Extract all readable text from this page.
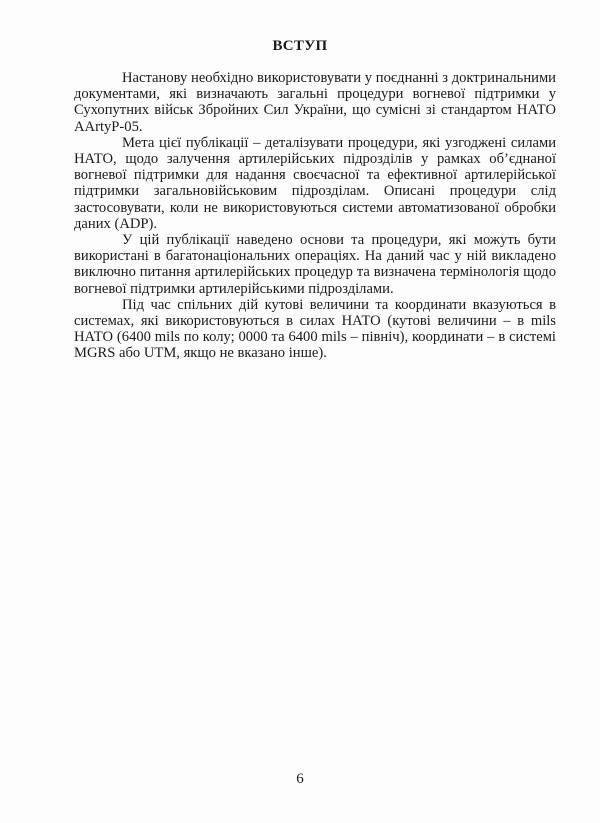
ВСТУП

Настанову необхідно використовувати у поєднанні з доктринальними документами, які визначають загальні процедури вогневої підтримки у Сухопутних військ Збройних Сил України, що сумісні зі стандартом НАТО AArtyP-05.

Мета цієї публікації – деталізувати процедури, які узгоджені силами НАТО, щодо залучення артилерійських підрозділів у рамках об’єднаної вогневої підтримки для надання своєчасної та ефективної артилерійської підтримки загальновійськовим підрозділам. Описані процедури слід застосовувати, коли не використовуються системи автоматизованої обробки даних (ADP).

У цій публікації наведено основи та процедури, які можуть бути використані в багатонаціональних операціях. На даний час у ній викладено виключно питання артилерійських процедур та визначена термінологія щодо вогневої підтримки артилерійськими підрозділами.

Під час спільних дій кутові величини та координати вказуються в системах, які використовуються в силах НАТО (кутові величини – в mils НАТО (6400 mils по колу; 0000 та 6400 mils – північ), координати – в системі MGRS або UTM, якщо не вказано інше).

6
